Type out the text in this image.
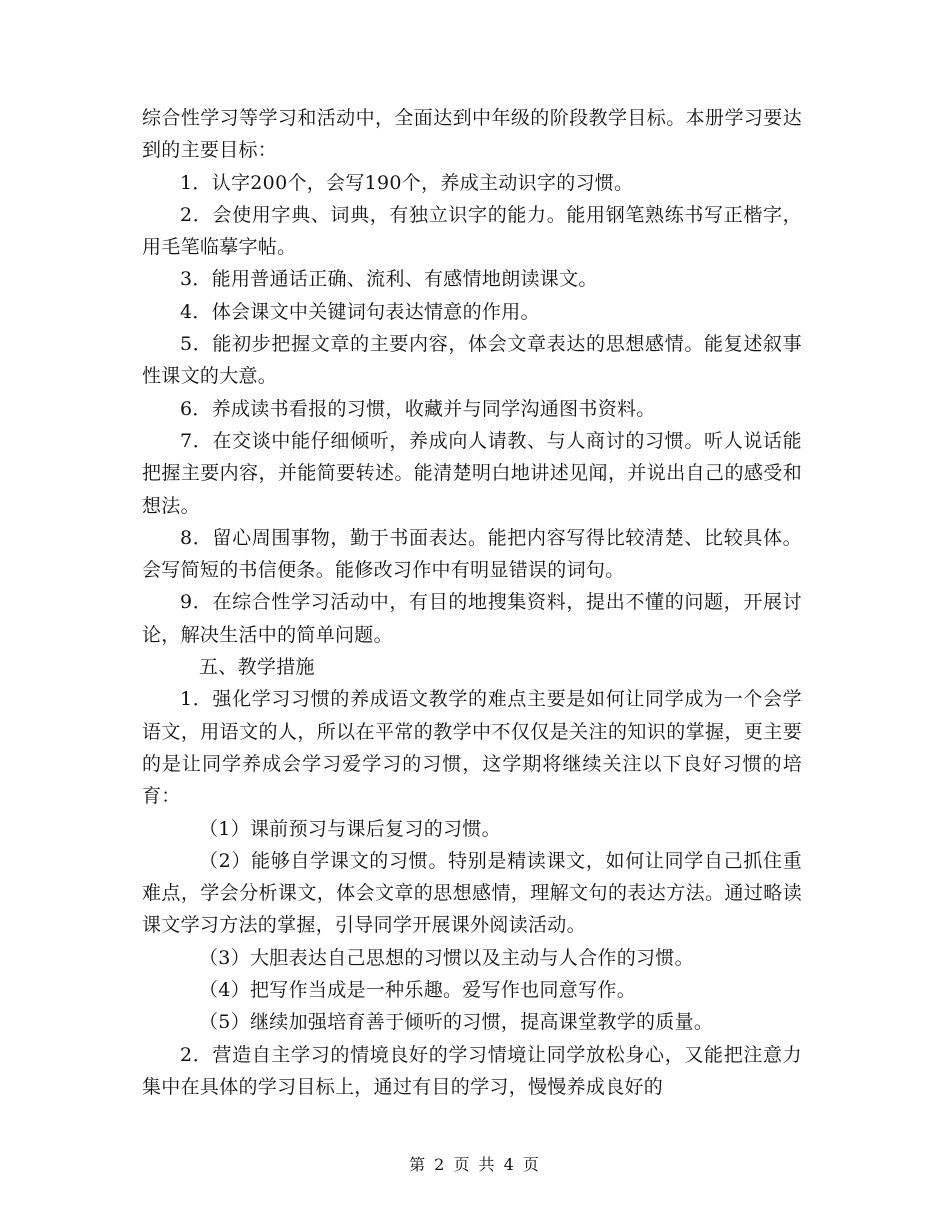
综合性学习等学习和活动中，全面达到中年级的阶段教学目标。本册学习要达到的主要目标：

1．认字200个，会写190个，养成主动识字的习惯。

2．会使用字典、词典，有独立识字的能力。能用钢笔熟练书写正楷字，用毛笔临摹字帖。

3．能用普通话正确、流利、有感情地朗读课文。

4．体会课文中关键词句表达情意的作用。

5．能初步把握文章的主要内容，体会文章表达的思想感情。能复述叙事性课文的大意。

6．养成读书看报的习惯，收藏并与同学沟通图书资料。

7．在交谈中能仔细倾听，养成向人请教、与人商讨的习惯。听人说话能把握主要内容，并能简要转述。能清楚明白地讲述见闻，并说出自己的感受和想法。

8．留心周围事物，勤于书面表达。能把内容写得比较清楚、比较具体。会写简短的书信便条。能修改习作中有明显错误的词句。

9．在综合性学习活动中，有目的地搜集资料，提出不懂的问题，开展讨论，解决生活中的简单问题。

五、教学措施

1．强化学习习惯的养成语文教学的难点主要是如何让同学成为一个会学语文，用语文的人，所以在平常的教学中不仅仅是关注的知识的掌握，更主要的是让同学养成会学习爱学习的习惯，这学期将继续关注以下良好习惯的培育：

（1）课前预习与课后复习的习惯。

（2）能够自学课文的习惯。特别是精读课文，如何让同学自己抓住重难点，学会分析课文，体会文章的思想感情，理解文句的表达方法。通过略读课文学习方法的掌握，引导同学开展课外阅读活动。

（3）大胆表达自己思想的习惯以及主动与人合作的习惯。

（4）把写作当成是一种乐趣。爱写作也同意写作。

（5）继续加强培育善于倾听的习惯，提高课堂教学的质量。

2．营造自主学习的情境良好的学习情境让同学放松身心，又能把注意力集中在具体的学习目标上，通过有目的学习，慢慢养成良好的

第 2 页 共 4 页
